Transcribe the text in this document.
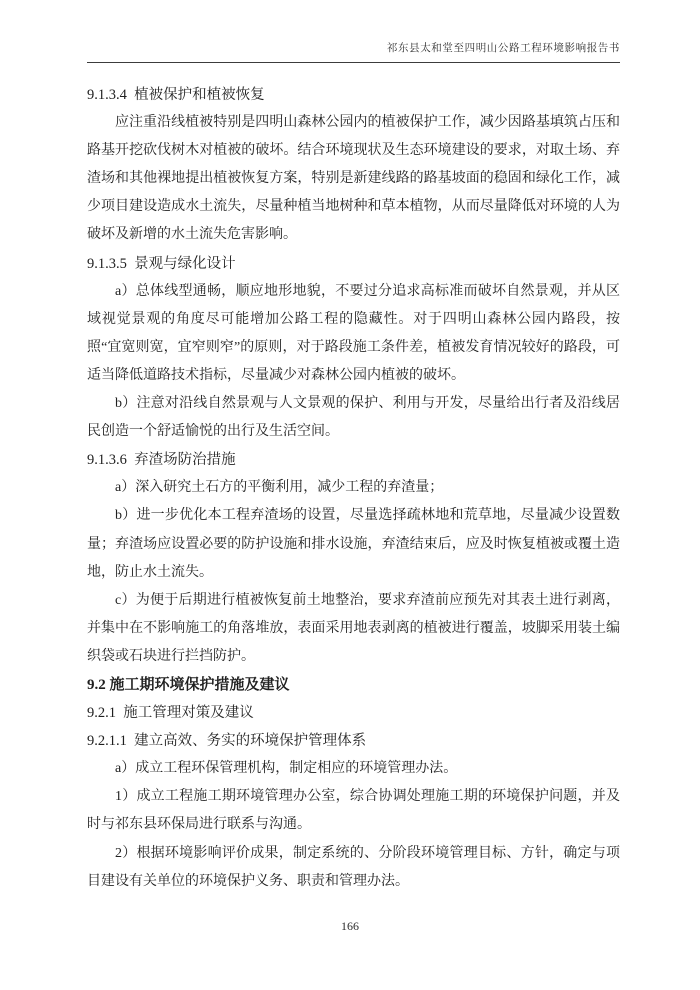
祁东县太和堂至四明山公路工程环境影响报告书
9.1.3.4  植被保护和植被恢复

应注重沿线植被特别是四明山森林公园内的植被保护工作，减少因路基填筑占压和路基开挖砍伐树木对植被的破坏。结合环境现状及生态环境建设的要求，对取土场、弃渣场和其他裸地提出植被恢复方案，特别是新建线路的路基坡面的稳固和绿化工作，减少项目建设造成水土流失，尽量种植当地树种和草本植物，从而尽量降低对环境的人为破坏及新增的水土流失危害影响。

9.1.3.5  景观与绿化设计

a）总体线型通畅，顺应地形地貌，不要过分追求高标准而破坏自然景观，并从区域视觉景观的角度尽可能增加公路工程的隐藏性。对于四明山森林公园内路段，按照“宜宽则宽，宜窄则窄”的原则，对于路段施工条件差，植被发育情况较好的路段，可适当降低道路技术指标，尽量减少对森林公园内植被的破坏。

b）注意对沿线自然景观与人文景观的保护、利用与开发，尽量给出行者及沿线居民创造一个舒适愉悦的出行及生活空间。

9.1.3.6  弃渣场防治措施

a）深入研究土石方的平衡利用，减少工程的弃渣量；

b）进一步优化本工程弃渣场的设置，尽量选择疏林地和荒草地，尽量减少设置数量；弃渣场应设置必要的防护设施和排水设施，弃渣结束后，应及时恢复植被或覆土造地，防止水土流失。

c）为便于后期进行植被恢复前土地整治，要求弃渣前应预先对其表土进行剥离，并集中在不影响施工的角落堆放，表面采用地表剥离的植被进行覆盖，坡脚采用装土编织袋或石块进行拦挡防护。

9.2 施工期环境保护措施及建议
9.2.1  施工管理对策及建议
9.2.1.1  建立高效、务实的环境保护管理体系

a）成立工程环保管理机构，制定相应的环境管理办法。

1）成立工程施工期环境管理办公室，综合协调处理施工期的环境保护问题，并及时与祁东县环保局进行联系与沟通。

2）根据环境影响评价成果，制定系统的、分阶段环境管理目标、方针，确定与项目建设有关单位的环境保护义务、职责和管理办法。

166
